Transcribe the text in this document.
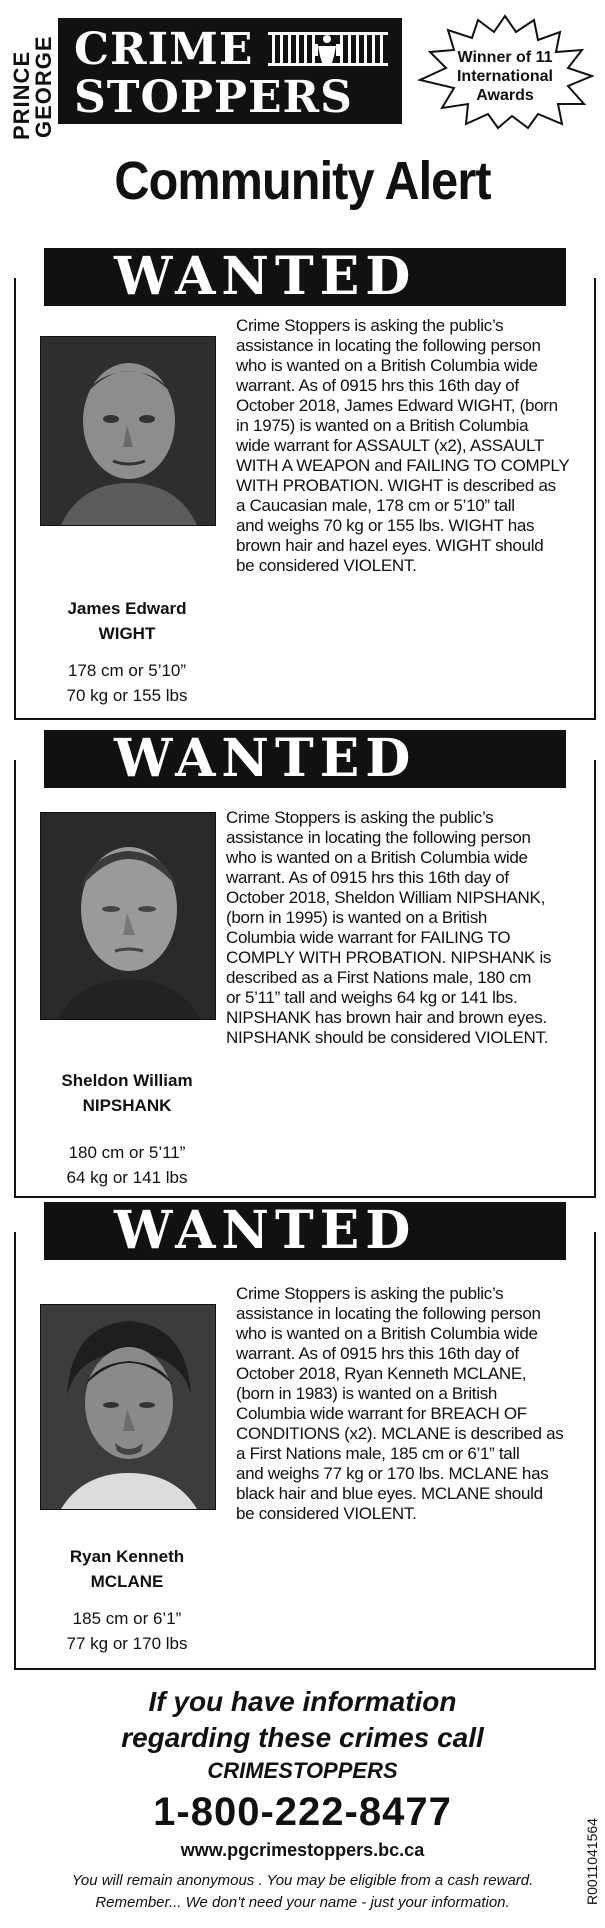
PRINCE
GEORGE CRIME
STOPPERS
Winner of 11
International
Awards
Community Alert
WANTED
James Edward
WIGHT
178 cm or 5’10”
70 kg or 155 lbs
Crime Stoppers is asking the public’s
assistance in locating the following person
who is wanted on a British Columbia wide
warrant. As of 0915 hrs this 16th day of
October 2018, James Edward WIGHT, (born
in 1975) is wanted on a British Columbia
wide warrant for ASSAULT (x2), ASSAULT
WITH A WEAPON and FAILING TO COMPLY
WITH PROBATION. WIGHT is described as
a Caucasian male, 178 cm or 5’10” tall
and weighs 70 kg or 155 lbs. WIGHT has
brown hair and hazel eyes. WIGHT should
be considered VIOLENT.
WANTED
Sheldon William
NIPSHANK
180 cm or 5’11”
64 kg or 141 lbs
Crime Stoppers is asking the public’s
assistance in locating the following person
who is wanted on a British Columbia wide
warrant. As of 0915 hrs this 16th day of
October 2018, Sheldon William NIPSHANK,
(born in 1995) is wanted on a British
Columbia wide warrant for FAILING TO
COMPLY WITH PROBATION. NIPSHANK is
described as a First Nations male, 180 cm
or 5’11” tall and weighs 64 kg or 141 lbs.
NIPSHANK has brown hair and brown eyes.
NIPSHANK should be considered VIOLENT.
WANTED
Ryan Kenneth
MCLANE
185 cm or 6’1”
77 kg or 170 lbs
Crime Stoppers is asking the public’s
assistance in locating the following person
who is wanted on a British Columbia wide
warrant. As of 0915 hrs this 16th day of
October 2018, Ryan Kenneth MCLANE,
(born in 1983) is wanted on a British
Columbia wide warrant for BREACH OF
CONDITIONS (x2). MCLANE is described as
a First Nations male, 185 cm or 6’1” tall
and weighs 77 kg or 170 lbs. MCLANE has
black hair and blue eyes. MCLANE should
be considered VIOLENT.
If you have information
regarding these crimes call
CRIMESTOPPERS
1-800-222-8477
www.pgcrimestoppers.bc.ca
You will remain anonymous . You may be eligible from a cash reward.
Remember... We don’t need your name - just your information.	R0011041564
